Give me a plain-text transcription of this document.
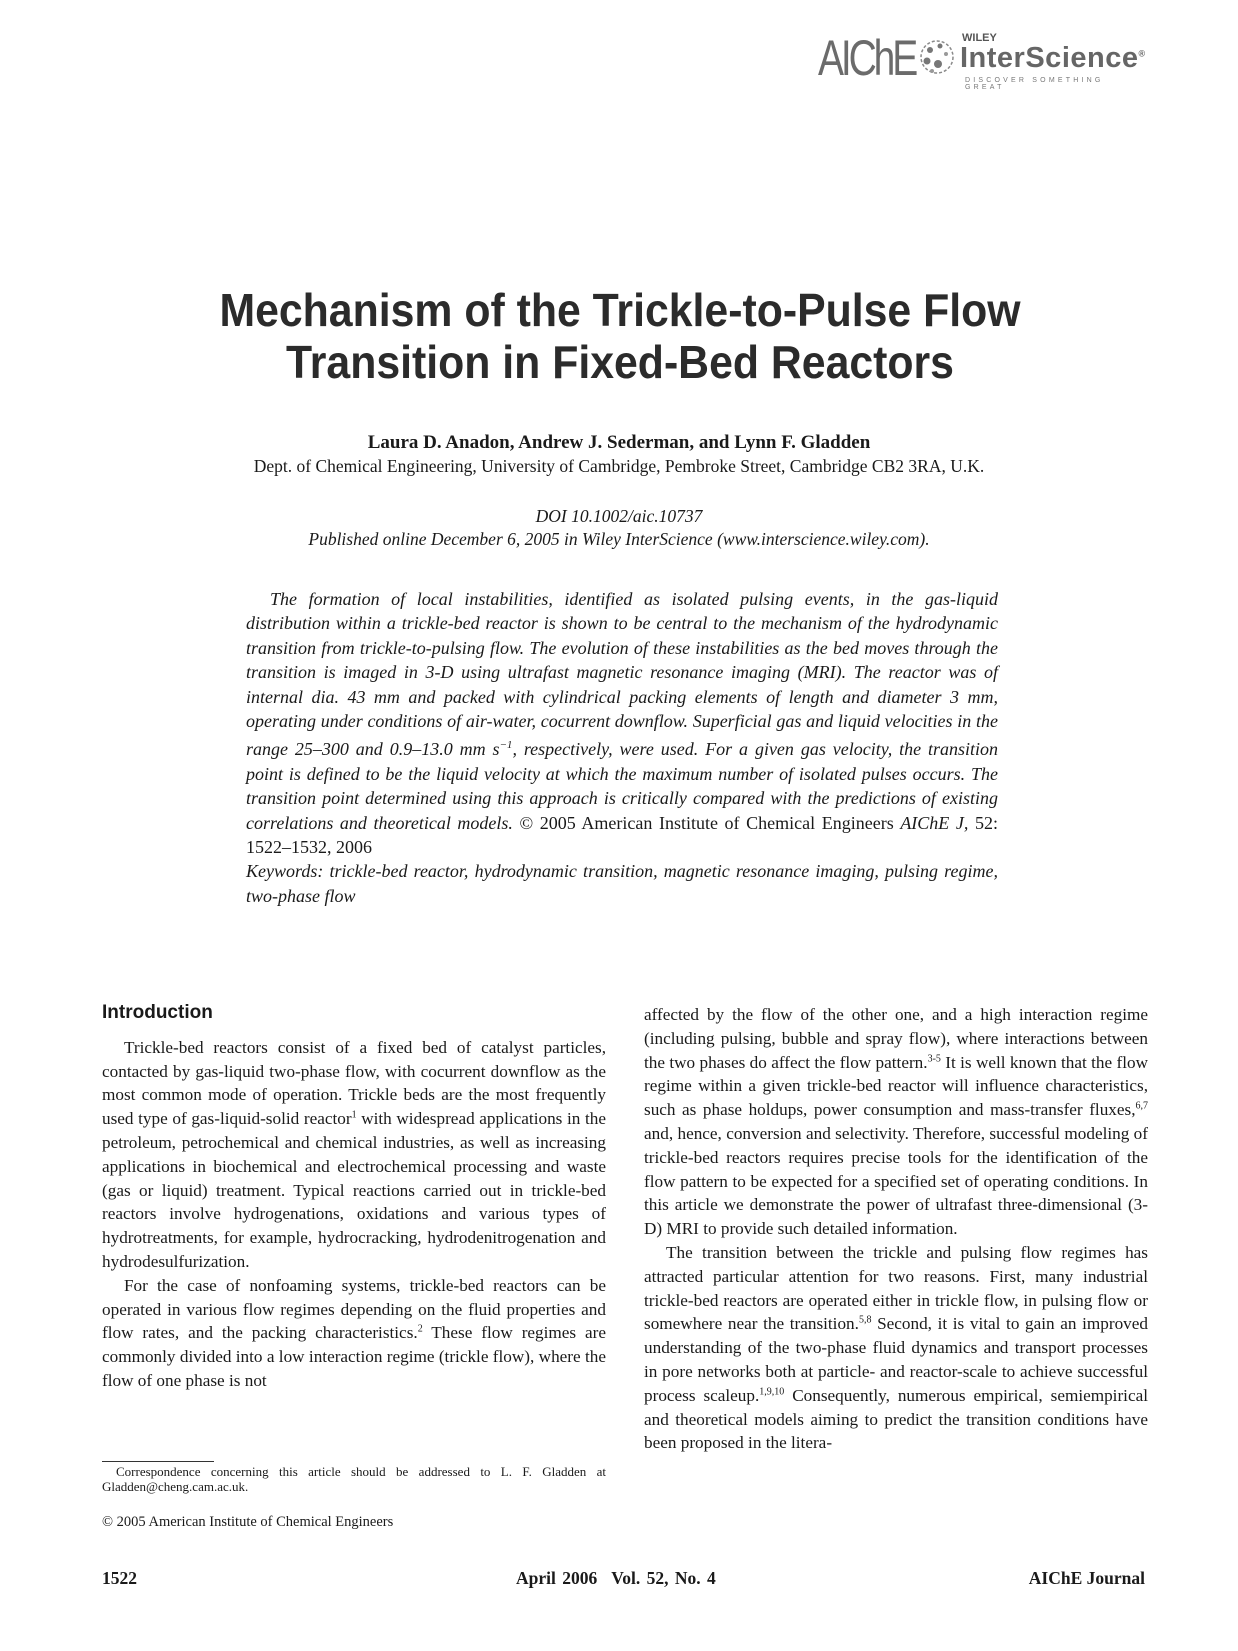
AIChE	WILEY
InterScience®
DISCOVER SOMETHING GREAT
Mechanism of the Trickle-to-Pulse Flow
Transition in Fixed-Bed Reactors
Laura D. Anadon, Andrew J. Sederman, and Lynn F. Gladden
Dept. of Chemical Engineering, University of Cambridge, Pembroke Street, Cambridge CB2 3RA, U.K.
DOI 10.1002/aic.10737
Published online December 6, 2005 in Wiley InterScience (www.interscience.wiley.com).

The formation of local instabilities, identified as isolated pulsing events, in the gas-liquid distribution within a trickle-bed reactor is shown to be central to the mechanism of the hydrodynamic transition from trickle-to-pulsing flow. The evolution of these instabilities as the bed moves through the transition is imaged in 3-D using ultrafast magnetic resonance imaging (MRI). The reactor was of internal dia. 43 mm and packed with cylindrical packing elements of length and diameter 3 mm, operating under conditions of air-water, cocurrent downflow. Superficial gas and liquid velocities in the range 25–300 and 0.9–13.0 mm $s^{-1}$, respectively, were used. For a given gas velocity, the transition point is defined to be the liquid velocity at which the maximum number of isolated pulses occurs. The transition point determined using this approach is critically compared with the predictions of existing correlations and theoretical models. © 2005 American Institute of Chemical Engineers AIChE J, 52: 1522–1532, 2006

Keywords: trickle-bed reactor, hydrodynamic transition, magnetic resonance imaging, pulsing regime, two-phase flow

Introduction

Trickle-bed reactors consist of a fixed bed of catalyst particles, contacted by gas-liquid two-phase flow, with cocurrent downflow as the most common mode of operation. Trickle beds are the most frequently used type of gas-liquid-solid reactor$^1$ with widespread applications in the petroleum, petrochemical and chemical industries, as well as increasing applications in biochemical and electrochemical processing and waste (gas or liquid) treatment. Typical reactions carried out in trickle-bed reactors involve hydrogenations, oxidations and various types of hydrotreatments, for example, hydrocracking, hydrodenitrogenation and hydrodesulfurization.

For the case of nonfoaming systems, trickle-bed reactors can be operated in various flow regimes depending on the fluid properties and flow rates, and the packing characteristics.$^2$ These flow regimes are commonly divided into a low interaction regime (trickle flow), where the flow of one phase is not

affected by the flow of the other one, and a high interaction regime (including pulsing, bubble and spray flow), where interactions between the two phases do affect the flow pattern.$^{3-5}$ It is well known that the flow regime within a given trickle-bed reactor will influence characteristics, such as phase holdups, power consumption and mass-transfer fluxes,$^{6,7}$ and, hence, conversion and selectivity. Therefore, successful modeling of trickle-bed reactors requires precise tools for the identification of the flow pattern to be expected for a specified set of operating conditions. In this article we demonstrate the power of ultrafast three-dimensional (3-D) MRI to provide such detailed information.

The transition between the trickle and pulsing flow regimes has attracted particular attention for two reasons. First, many industrial trickle-bed reactors are operated either in trickle flow, in pulsing flow or somewhere near the transition.$^{5,8}$ Second, it is vital to gain an improved understanding of the two-phase fluid dynamics and transport processes in pore networks both at particle- and reactor-scale to achieve successful process scaleup.$^{1,9,10}$ Consequently, numerous empirical, semiempirical and theoretical models aiming to predict the transition conditions have been proposed in the litera-

Correspondence concerning this article should be addressed to L. F. Gladden at Gladden@cheng.cam.ac.uk.
© 2005 American Institute of Chemical Engineers
1522	April 2006 Vol. 52, No. 4	AIChE Journal
